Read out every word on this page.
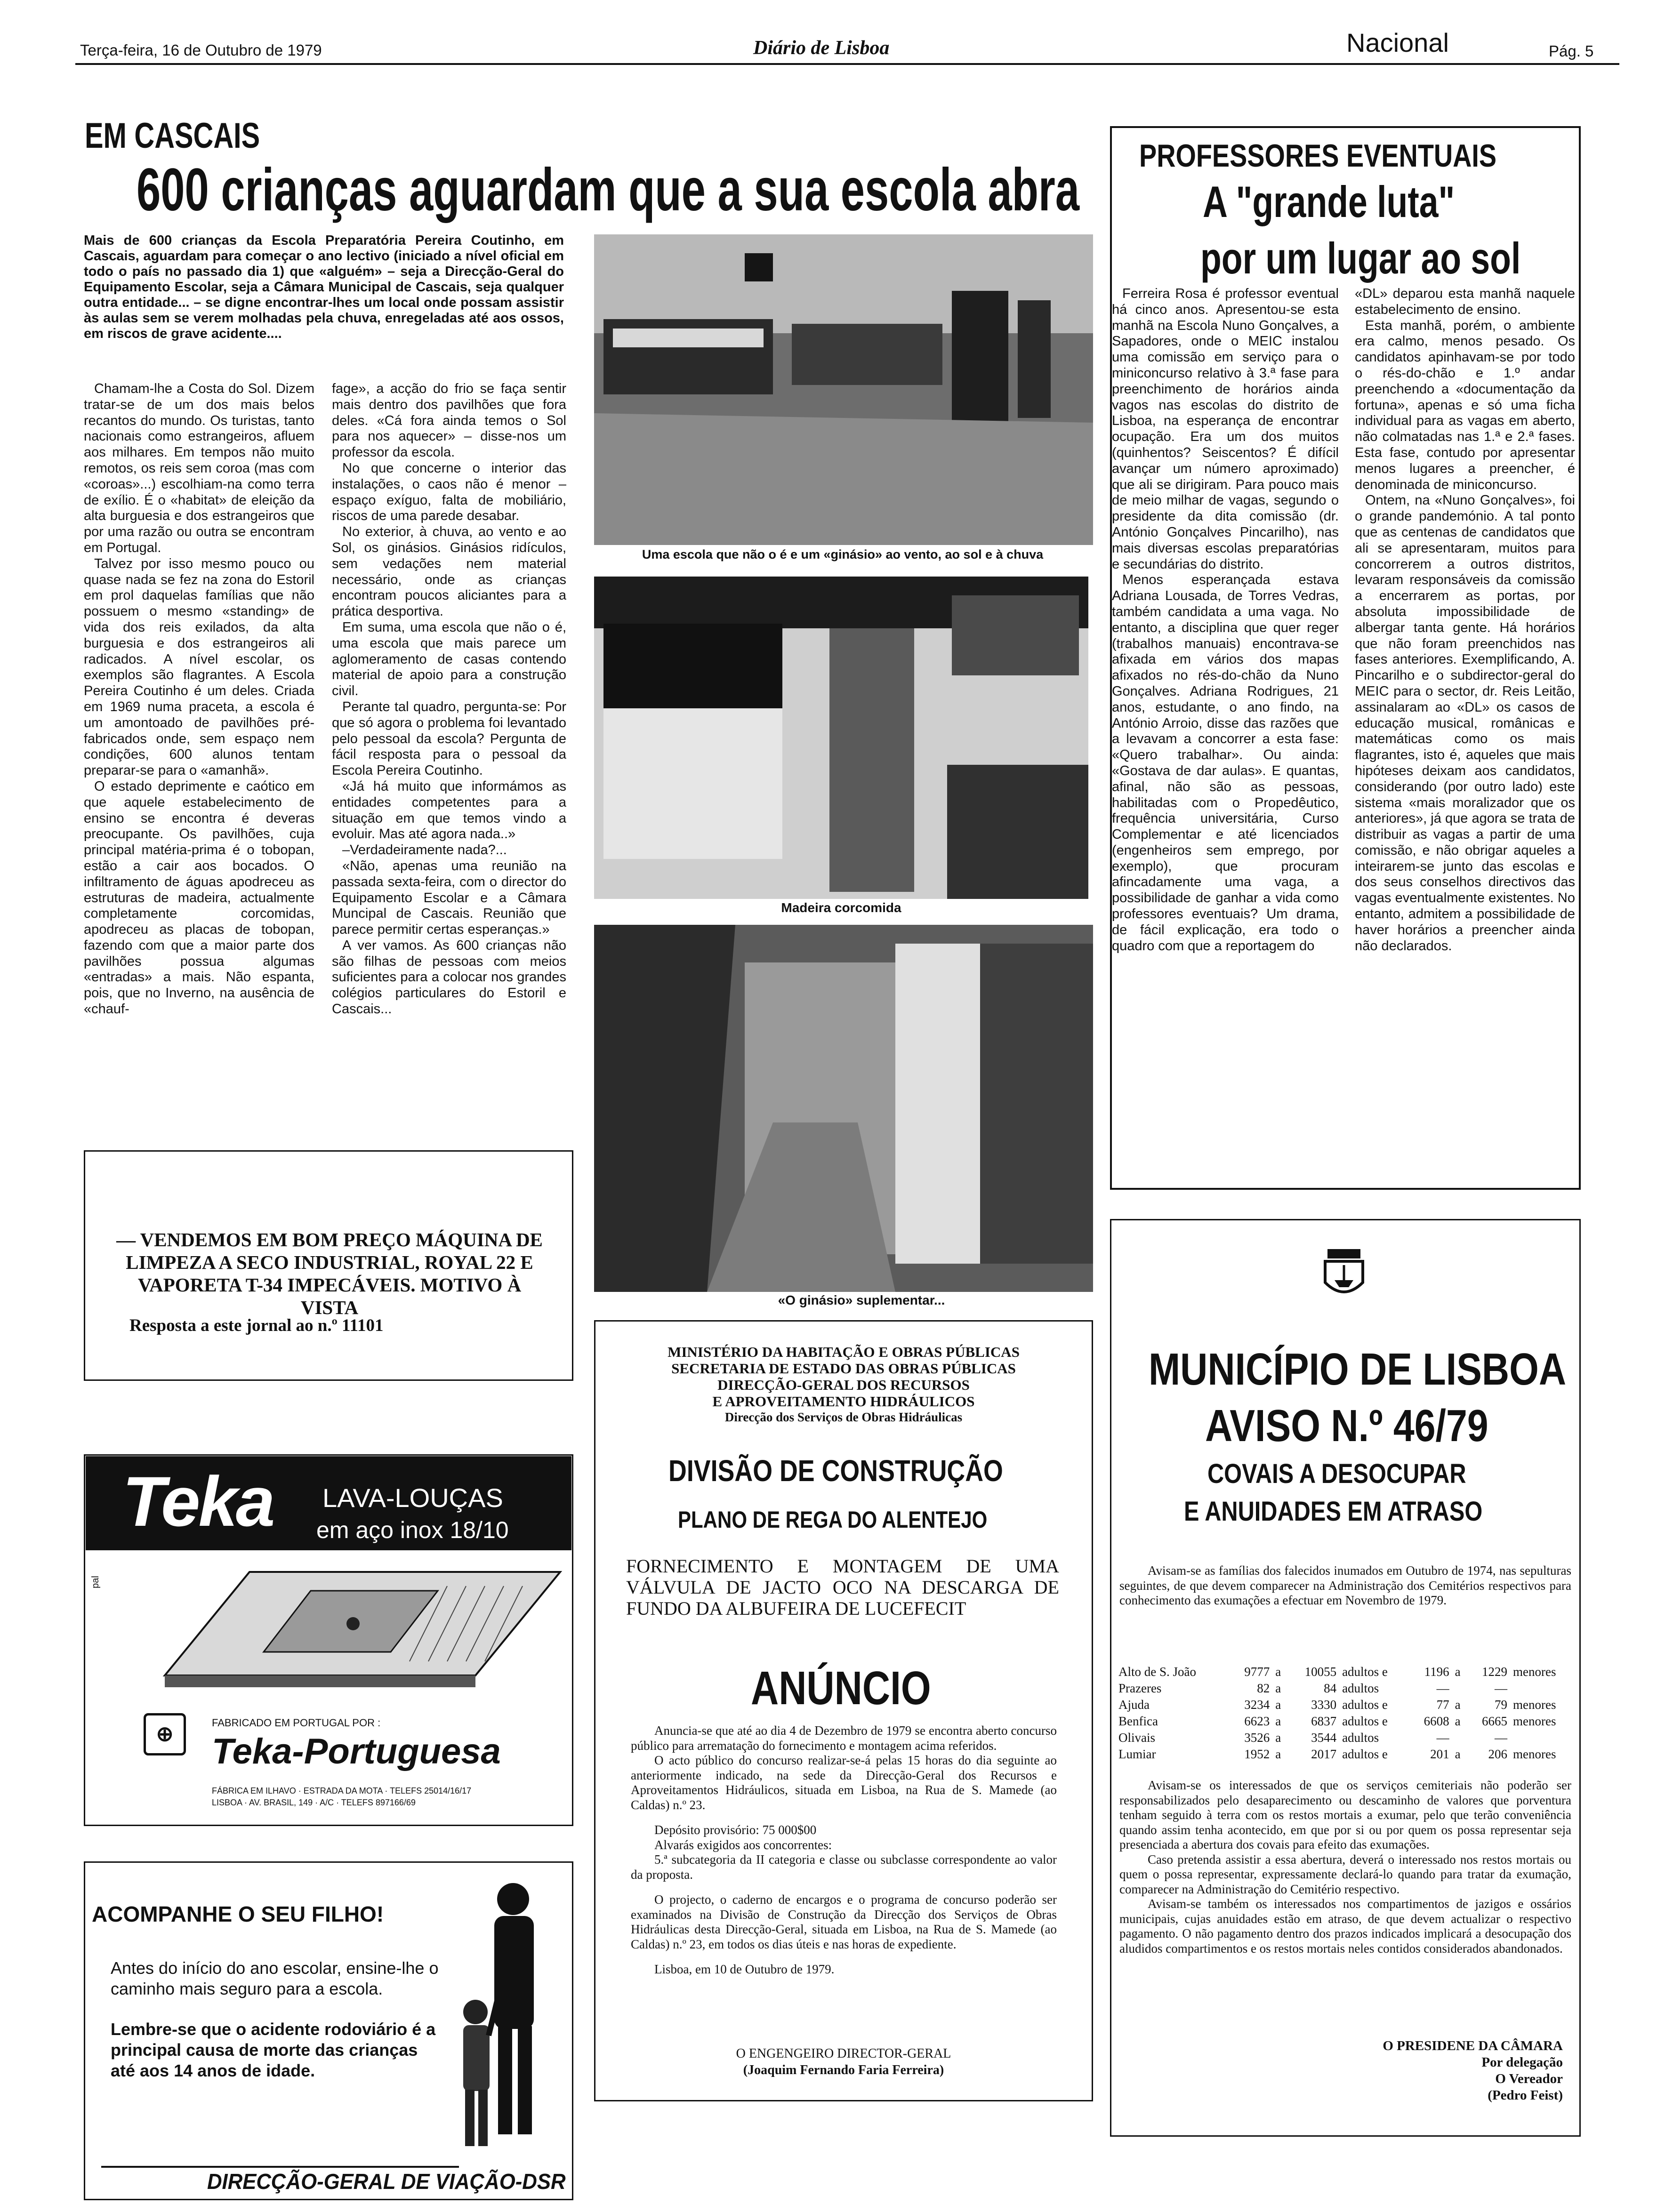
Terça-feira, 16 de Outubro de 1979	Diário de Lisboa	Nacional	Pág. 5
EM CASCAIS
600 crianças aguardam que a sua escola abra
Mais de 600 crianças da Escola Preparatória Pereira Coutinho, em Cascais, aguardam para começar o ano lectivo (iniciado a nível oficial em todo o país no passado dia 1) que «alguém» – seja a Direcção-Geral do Equipamento Escolar, seja a Câmara Municipal de Cascais, seja qualquer outra entidade... – se digne encontrar-lhes um local onde possam assistir às aulas sem se verem molhadas pela chuva, enregeladas até aos ossos, em riscos de grave acidente....

Chamam-lhe a Costa do Sol. Dizem tratar-se de um dos mais belos recantos do mundo. Os turistas, tanto nacionais como estrangeiros, afluem aos milhares. Em tempos não muito remotos, os reis sem coroa (mas com «coroas»...) escolhiam-na como terra de exílio. É o «habitat» de eleição da alta burguesia e dos estrangeiros que por uma razão ou outra se encontram em Portugal.

Talvez por isso mesmo pouco ou quase nada se fez na zona do Estoril em prol daquelas famílias que não possuem o mesmo «standing» de vida dos reis exilados, da alta burguesia e dos estrangeiros ali radicados. A nível escolar, os exemplos são flagrantes. A Escola Pereira Coutinho é um deles. Criada em 1969 numa praceta, a escola é um amontoado de pavilhões pré-fabricados onde, sem espaço nem condições, 600 alunos tentam preparar-se para o «amanhã».

O estado deprimente e caótico em que aquele estabelecimento de ensino se encontra é deveras preocupante. Os pavilhões, cuja principal matéria-prima é o tobopan, estão a cair aos bocados. O infiltramento de águas apodreceu as estruturas de madeira, actualmente completamente corcomidas, apodreceu as placas de tobopan, fazendo com que a maior parte dos pavilhões possua algumas «entradas» a mais. Não espanta, pois, que no Inverno, na ausência de «chauf-

fage», a acção do frio se faça sentir mais dentro dos pavilhões que fora deles. «Cá fora ainda temos o Sol para nos aquecer» – disse-nos um professor da escola.

No que concerne o interior das instalações, o caos não é menor – espaço exíguo, falta de mobiliário, riscos de uma parede desabar.

No exterior, à chuva, ao vento e ao Sol, os ginásios. Ginásios ridículos, sem vedações nem material necessário, onde as crianças encontram poucos aliciantes para a prática desportiva.

Em suma, uma escola que não o é, uma escola que mais parece um aglomeramento de casas contendo material de apoio para a construção civil.

Perante tal quadro, pergunta-se: Por que só agora o problema foi levantado pelo pessoal da escola? Pergunta de fácil resposta para o pessoal da Escola Pereira Coutinho.

«Já há muito que informámos as entidades competentes para a situação em que temos vindo a evoluir. Mas até agora nada..»

–Verdadeiramente nada?...

«Não, apenas uma reunião na passada sexta-feira, com o director do Equipamento Escolar e a Câmara Muncipal de Cascais. Reunião que parece permitir certas esperanças.»

A ver vamos. As 600 crianças não são filhas de pessoas com meios suficientes para a colocar nos grandes colégios particulares do Estoril e Cascais...

Uma escola que não o é e um «ginásio» ao vento, ao sol e à chuva
Madeira corcomida
«O ginásio» suplementar...
PROFESSORES EVENTUAIS
A "grande luta"
por um lugar ao sol

Ferreira Rosa é professor eventual há cinco anos. Apresentou-se esta manhã na Escola Nuno Gonçalves, a Sapadores, onde o MEIC instalou uma comissão em serviço para o miniconcurso relativo à 3.ª fase para preenchimento de horários ainda vagos nas escolas do distrito de Lisboa, na esperança de encontrar ocupação. Era um dos muitos (quinhentos? Seiscentos? É difícil avançar um número aproximado) que ali se dirigiram. Para pouco mais de meio milhar de vagas, segundo o presidente da dita comissão (dr. António Gonçalves Pincarilho), nas mais diversas escolas preparatórias e secundárias do distrito.

Menos esperançada estava Adriana Lousada, de Torres Vedras, também candidata a uma vaga. No entanto, a disciplina que quer reger (trabalhos manuais) encontrava-se afixada em vários dos mapas afixados no rés-do-chão da Nuno Gonçalves. Adriana Rodrigues, 21 anos, estudante, o ano findo, na António Arroio, disse das razões que a levavam a concorrer a esta fase: «Quero trabalhar». Ou ainda: «Gostava de dar aulas». E quantas, afinal, não são as pessoas, habilitadas com o Propedêutico, frequência universitária, Curso Complementar e até licenciados (engenheiros sem emprego, por exemplo), que procuram afincadamente uma vaga, a possibilidade de ganhar a vida como professores eventuais? Um drama, de fácil explicação, era todo o quadro com que a reportagem do

«DL» deparou esta manhã naquele estabelecimento de ensino.

Esta manhã, porém, o ambiente era calmo, menos pesado. Os candidatos apinhavam-se por todo o rés-do-chão e 1.º andar preenchendo a «documentação da fortuna», apenas e só uma ficha individual para as vagas em aberto, não colmatadas nas 1.ª e 2.ª fases. Esta fase, contudo por apresentar menos lugares a preencher, é denominada de miniconcurso.

Ontem, na «Nuno Gonçalves», foi o grande pandemónio. A tal ponto que as centenas de candidatos que ali se apresentaram, muitos para concorrerem a outros distritos, levaram responsáveis da comissão a encerrarem as portas, por absoluta impossibilidade de albergar tanta gente. Há horários que não foram preenchidos nas fases anteriores. Exemplificando, A. Pincarilho e o subdirector-geral do MEIC para o sector, dr. Reis Leitão, assinalaram ao «DL» os casos de educação musical, românicas e matemáticas como os mais flagrantes, isto é, aqueles que mais hipóteses deixam aos candidatos, considerando (por outro lado) este sistema «mais moralizador que os anteriores», já que agora se trata de distribuir as vagas a partir de uma comissão, e não obrigar aqueles a inteirarem-se junto das escolas e dos seus conselhos directivos das vagas eventualmente existentes. No entanto, admitem a possibilidade de haver horários a preencher ainda não declarados.

— VENDEMOS EM BOM PREÇO MÁQUINA DE LIMPEZA A SECO INDUSTRIAL, ROYAL 22 E VAPORETA T-34 IMPECÁVEIS. MOTIVO À VISTA
Resposta a este jornal ao n.º 11101
Teka LAVA-LOUÇAS
em aço inox 18/10
pal
⊕	FABRICADO EM PORTUGAL POR :
Teka-Portuguesa
FÁBRICA EM ILHAVO · ESTRADA DA MOTA · TELEFS 25014/16/17
LISBOA · AV. BRASIL, 149 · A/C · TELEFS 897166/69
ACOMPANHE O SEU FILHO!
Antes do início do ano escolar, ensine-lhe o caminho mais seguro para a escola.
Lembre-se que o acidente rodoviário é a principal causa de morte das crianças até aos 14 anos de idade.
DIRECÇÃO-GERAL DE VIAÇÃO-DSR
MINISTÉRIO DA HABITAÇÃO E OBRAS PÚBLICAS
SECRETARIA DE ESTADO DAS OBRAS PÚBLICAS
DIRECÇÃO-GERAL DOS RECURSOS
E APROVEITAMENTO HIDRÁULICOS
Direcção dos Serviços de Obras Hidráulicas
DIVISÃO DE CONSTRUÇÃO
PLANO DE REGA DO ALENTEJO
FORNECIMENTO E MONTAGEM DE UMA VÁLVULA DE JACTO OCO NA DESCARGA DE FUNDO DA ALBUFEIRA DE LUCEFECIT
ANÚNCIO

Anuncia-se que até ao dia 4 de Dezembro de 1979 se encontra aberto concurso público para arrematação do fornecimento e montagem acima referidos.

O acto público do concurso realizar-se-á pelas 15 horas do dia seguinte ao anteriormente indicado, na sede da Direcção-Geral dos Recursos e Aproveitamentos Hidráulicos, situada em Lisboa, na Rua de S. Mamede (ao Caldas) n.º 23.

Depósito provisório: 75 000$00

Alvarás exigidos aos concorrentes:

5.ª subcategoria da II categoria e classe ou subclasse correspondente ao valor da proposta.

O projecto, o caderno de encargos e o programa de concurso poderão ser examinados na Divisão de Construção da Direcção dos Serviços de Obras Hidráulicas desta Direcção-Geral, situada em Lisboa, na Rua de S. Mamede (ao Caldas) n.º 23, em todos os dias úteis e nas horas de expediente.

Lisboa, em 10 de Outubro de 1979.

O ENGENGEIRO DIRECTOR-GERAL
(Joaquim Fernando Faria Ferreira)
MUNICÍPIO DE LISBOA
AVISO N.º 46/79
COVAIS A DESOCUPAR
E ANUIDADES EM ATRASO
Avisam-se as famílias dos falecidos inumados em Outubro de 1974, nas sepulturas seguintes, de que devem comparecer na Administração dos Cemitérios respectivos para conhecimento das exumações a efectuar em Novembro de 1979.
Alto de S. João	9777	a	10055	adultos e	1196	a	1229	menores
Prazeres	82	a	84	adultos	—		—	
Ajuda	3234	a	3330	adultos e	77	a	79	menores
Benfica	6623	a	6837	adultos e	6608	a	6665	menores
Olivais	3526	a	3544	adultos	—		—	
Lumiar	1952	a	2017	adultos e	201	a	206	menores

Avisam-se os interessados de que os serviços cemiteriais não poderão ser responsabilizados pelo desaparecimento ou descaminho de valores que porventura tenham seguido à terra com os restos mortais a exumar, pelo que terão conveniência quando assim tenha acontecido, em que por si ou por quem os possa representar seja presenciada a abertura dos covais para efeito das exumações.

Caso pretenda assistir a essa abertura, deverá o interessado nos restos mortais ou quem o possa representar, expressamente declará-lo quando para tratar da exumação, comparecer na Administração do Cemitério respectivo.

Avisam-se também os interessados nos compartimentos de jazigos e ossários municipais, cujas anuidades estão em atraso, de que devem actualizar o respectivo pagamento. O não pagamento dentro dos prazos indicados implicará a desocupação dos aludidos compartimentos e os restos mortais neles contidos considerados abandonados.

O PRESIDENE DA CÂMARA
Por delegação
O Vereador
(Pedro Feist)
